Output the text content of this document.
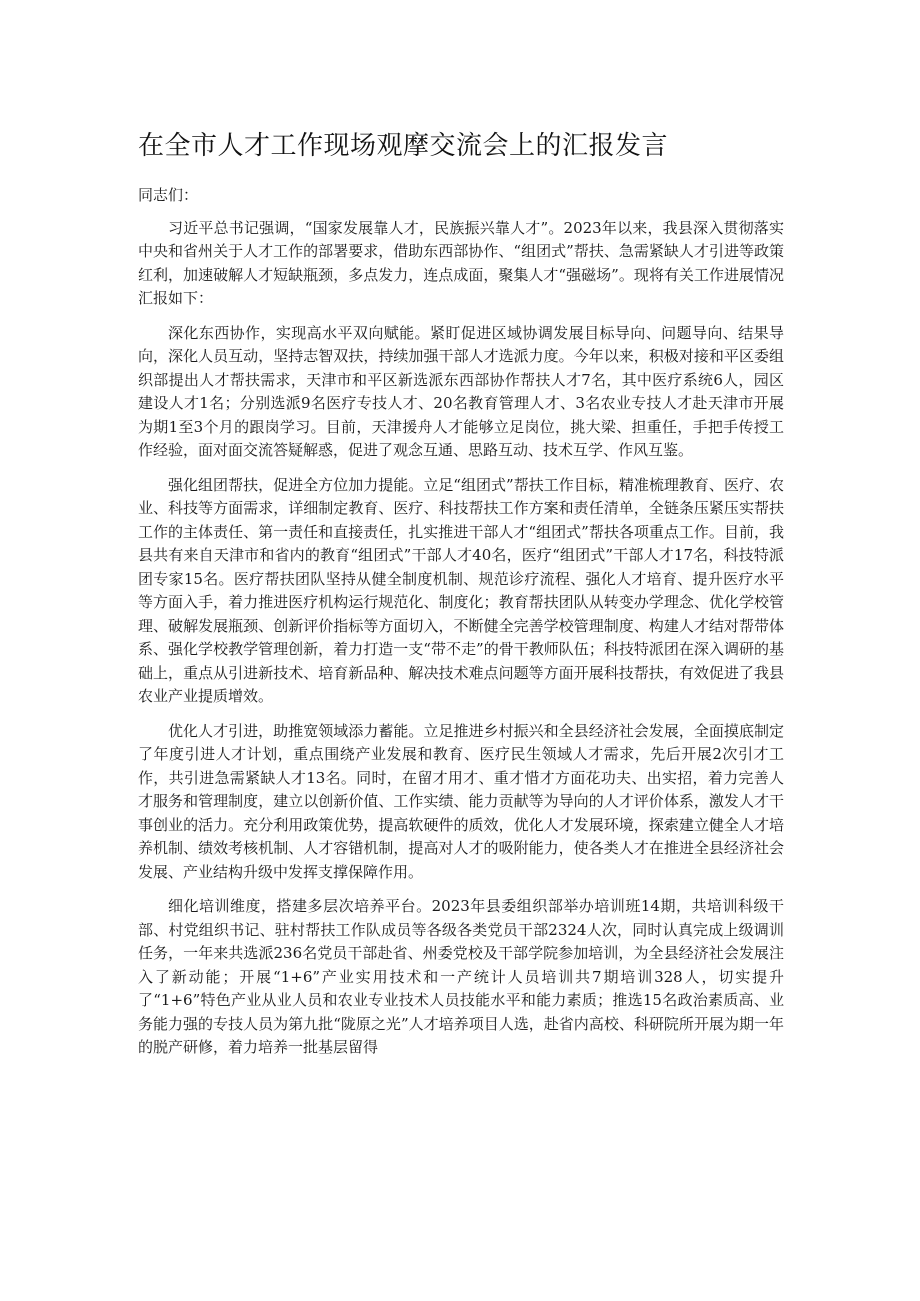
在全市人才工作现场观摩交流会上的汇报发言

同志们：

习近平总书记强调，“国家发展靠人才，民族振兴靠人才”。2023年以来，我县深入贯彻落实中央和省州关于人才工作的部署要求，借助东西部协作、“组团式”帮扶、急需紧缺人才引进等政策红利，加速破解人才短缺瓶颈，多点发力，连点成面，聚集人才“强磁场”。现将有关工作进展情况汇报如下：

深化东西协作，实现高水平双向赋能。紧盯促进区域协调发展目标导向、问题导向、结果导向，深化人员互动，坚持志智双扶，持续加强干部人才选派力度。今年以来，积极对接和平区委组织部提出人才帮扶需求，天津市和平区新选派东西部协作帮扶人才7名，其中医疗系统6人，园区建设人才1名；分别选派9名医疗专技人才、20名教育管理人才、3名农业专技人才赴天津市开展为期1至3个月的跟岗学习。目前，天津援舟人才能够立足岗位，挑大梁、担重任，手把手传授工作经验，面对面交流答疑解惑，促进了观念互通、思路互动、技术互学、作风互鉴。

强化组团帮扶，促进全方位加力提能。立足“组团式”帮扶工作目标，精准梳理教育、医疗、农业、科技等方面需求，详细制定教育、医疗、科技帮扶工作方案和责任清单，全链条压紧压实帮扶工作的主体责任、第一责任和直接责任，扎实推进干部人才“组团式”帮扶各项重点工作。目前，我县共有来自天津市和省内的教育“组团式”干部人才40名，医疗“组团式”干部人才17名，科技特派团专家15名。医疗帮扶团队坚持从健全制度机制、规范诊疗流程、强化人才培育、提升医疗水平等方面入手，着力推进医疗机构运行规范化、制度化；教育帮扶团队从转变办学理念、优化学校管理、破解发展瓶颈、创新评价指标等方面切入，不断健全完善学校管理制度、构建人才结对帮带体系、强化学校教学管理创新，着力打造一支“带不走”的骨干教师队伍；科技特派团在深入调研的基础上，重点从引进新技术、培育新品种、解决技术难点问题等方面开展科技帮扶，有效促进了我县农业产业提质增效。

优化人才引进，助推宽领域添力蓄能。立足推进乡村振兴和全县经济社会发展，全面摸底制定了年度引进人才计划，重点围绕产业发展和教育、医疗民生领域人才需求，先后开展2次引才工作，共引进急需紧缺人才13名。同时，在留才用才、重才惜才方面花功夫、出实招，着力完善人才服务和管理制度，建立以创新价值、工作实绩、能力贡献等为导向的人才评价体系，激发人才干事创业的活力。充分利用政策优势，提高软硬件的质效，优化人才发展环境，探索建立健全人才培养机制、绩效考核机制、人才容错机制，提高对人才的吸附能力，使各类人才在推进全县经济社会发展、产业结构升级中发挥支撑保障作用。

细化培训维度，搭建多层次培养平台。2023年县委组织部举办培训班14期，共培训科级干部、村党组织书记、驻村帮扶工作队成员等各级各类党员干部2324人次，同时认真完成上级调训任务，一年来共选派236名党员干部赴省、州委党校及干部学院参加培训，为全县经济社会发展注入了新动能；开展“1+6”产业实用技术和一产统计人员培训共7期培训328人，切实提升了“1+6”特色产业从业人员和农业专业技术人员技能水平和能力素质；推选15名政治素质高、业务能力强的专技人员为第九批“陇原之光”人才培养项目人选，赴省内高校、科研院所开展为期一年的脱产研修，着力培养一批基层留得
